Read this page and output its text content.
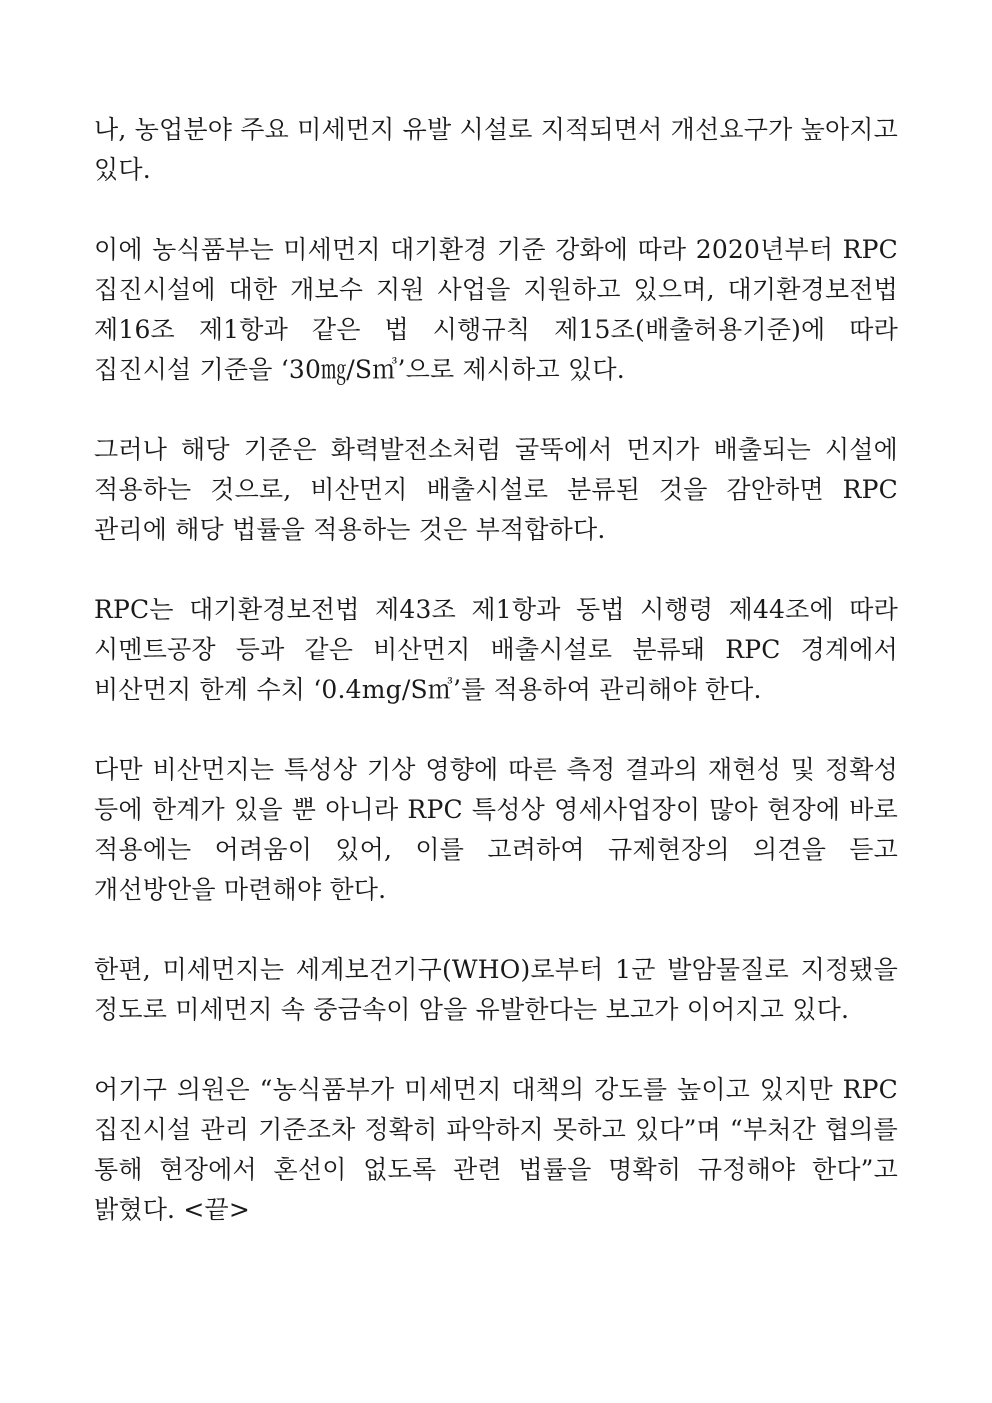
나, 농업분야 주요 미세먼지 유발 시설로 지적되면서 개선요구가 높아지고 있다.

이에 농식품부는 미세먼지 대기환경 기준 강화에 따라 2020년부터 RPC 집진시설에 대한 개보수 지원 사업을 지원하고 있으며, 대기환경보전법 제16조 제1항과 같은 법 시행규칙 제15조(배출허용기준)에 따라 집진시설 기준을 ‘30㎎/S㎥’으로 제시하고 있다.

그러나 해당 기준은 화력발전소처럼 굴뚝에서 먼지가 배출되는 시설에 적용하는 것으로, 비산먼지 배출시설로 분류된 것을 감안하면 RPC 관리에 해당 법률을 적용하는 것은 부적합하다.

RPC는 대기환경보전법 제43조 제1항과 동법 시행령 제44조에 따라 시멘트공장 등과 같은 비산먼지 배출시설로 분류돼 RPC 경계에서 비산먼지 한계 수치 ‘0.4mg/S㎥’를 적용하여 관리해야 한다.

다만 비산먼지는 특성상 기상 영향에 따른 측정 결과의 재현성 및 정확성 등에 한계가 있을 뿐 아니라 RPC 특성상 영세사업장이 많아 현장에 바로 적용에는 어려움이 있어, 이를 고려하여 규제현장의 의견을 듣고 개선방안을 마련해야 한다.

한편, 미세먼지는 세계보건기구(WHO)로부터 1군 발암물질로 지정됐을 정도로 미세먼지 속 중금속이 암을 유발한다는 보고가 이어지고 있다.

어기구 의원은 “농식품부가 미세먼지 대책의 강도를 높이고 있지만 RPC 집진시설 관리 기준조차 정확히 파악하지 못하고 있다”며 “부처간 협의를 통해 현장에서 혼선이 없도록 관련 법률을 명확히 규정해야 한다”고 밝혔다. <끝>
